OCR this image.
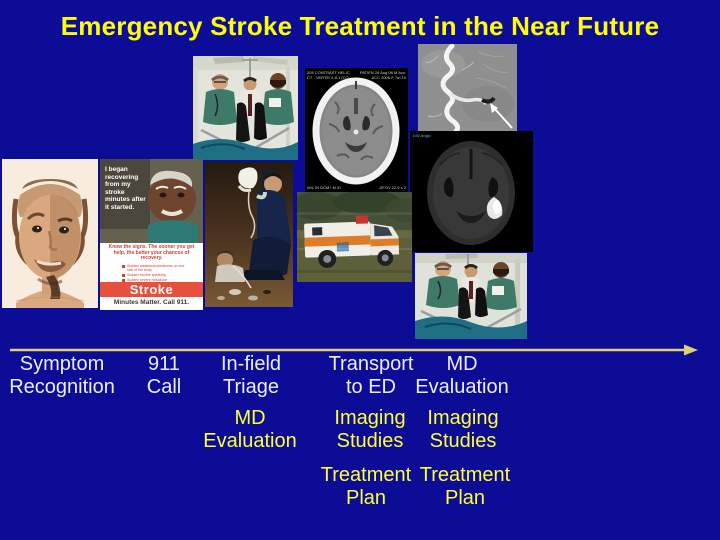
Emergency Stroke Treatment in the Near Future
205 CONTRAST HELIC CT - VERTE/ 4 8.1 (CO
PATIEN 29 Aug 08 M Acc: ACC 2006-F 7m 10
W/L IN DCM I M ID	DFOV 22.6 x 2
DW Angio
I began recovering from my stroke minutes after it started.
Know the signs. The sooner you get help, the better your chances of recovery.
Sudden weakness/numbness on one side of the body
Sudden trouble speaking
Sudden severe headache
Stroke
Minutes Matter. Call 911.
Symptom
Recognition
911
Call
In-field
Triage
Transport
to ED
MD
Evaluation
MD
Evaluation
Imaging
Studies
Imaging
Studies
Treatment
Plan
Treatment
Plan
